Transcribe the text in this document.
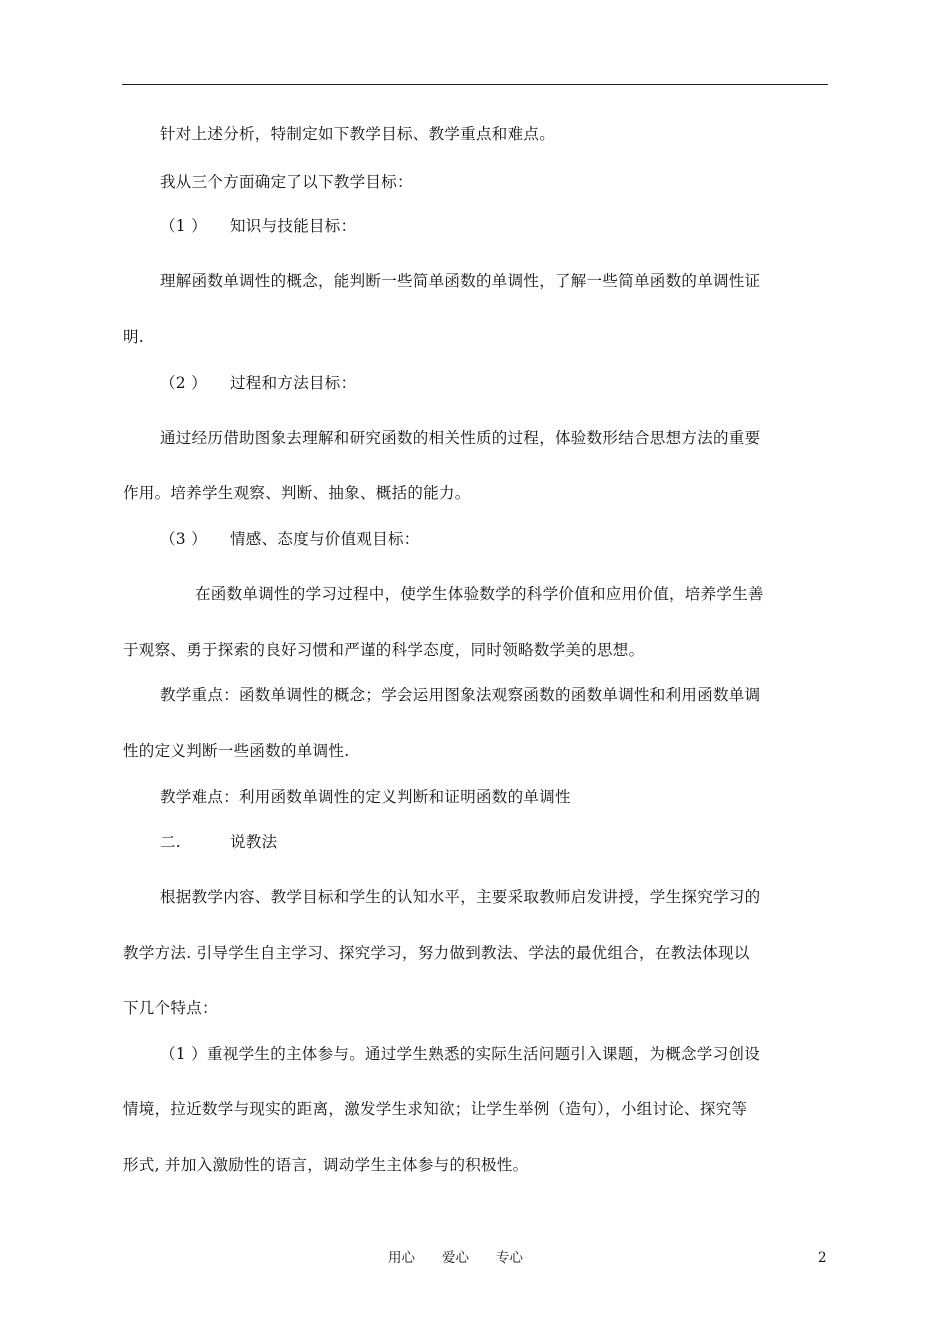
针对上述分析，特制定如下教学目标、教学重点和难点。
我从三个方面确定了以下教学目标：
（1 ） 知识与技能目标：
理解函数单调性的概念，能判断一些简单函数的单调性，了解一些简单函数的单调性证
明.
（2 ） 过程和方法目标：
通过经历借助图象去理解和研究函数的相关性质的过程，体验数形结合思想方法的重要
作用。培养学生观察、判断、抽象、概括的能力。
（3 ） 情感、态度与价值观目标：
在函数单调性的学习过程中，使学生体验数学的科学价值和应用价值，培养学生善
于观察、勇于探索的良好习惯和严谨的科学态度，同时领略数学美的思想。
教学重点：函数单调性的概念；学会运用图象法观察函数的函数单调性和利用函数单调
性的定义判断一些函数的单调性.
教学难点：利用函数单调性的定义判断和证明函数的单调性
二.	说教法
根据教学内容、教学目标和学生的认知水平，主要采取教师启发讲授，学生探究学习的
教学方法. 引导学生自主学习、探究学习，努力做到教法、学法的最优组合，在教法体现以
下几个特点：
（1 ）重视学生的主体参与。通过学生熟悉的实际生活问题引入课题，为概念学习创设
情境，拉近数学与现实的距离，激发学生求知欲；让学生举例（造句），小组讨论、探究等
形式, 并加入激励性的语言，调动学生主体参与的积极性。
用心　　爱心　　专心	2
